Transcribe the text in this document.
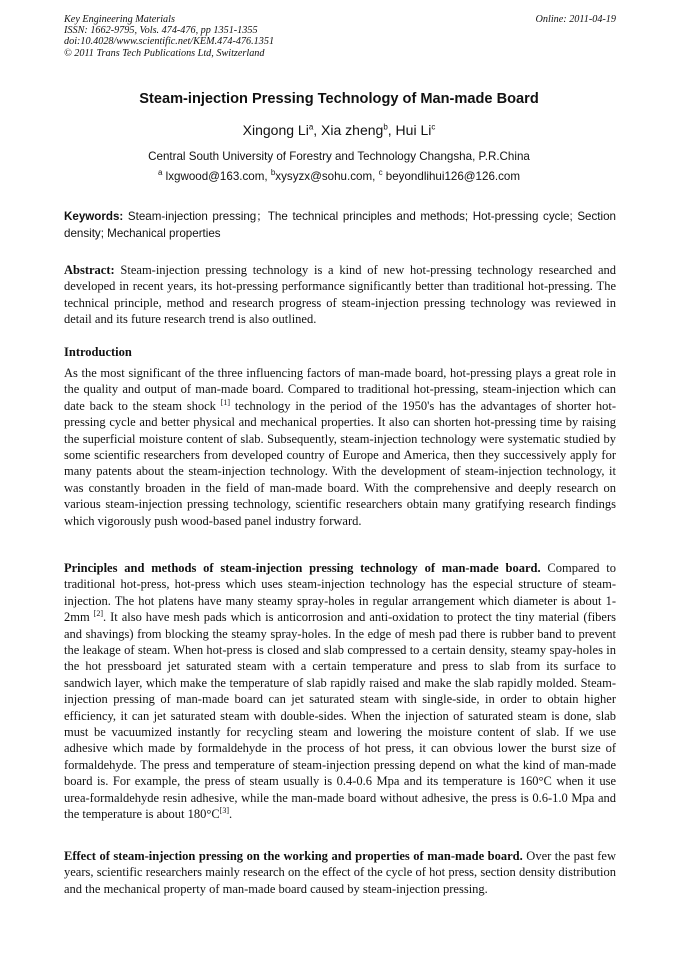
Key Engineering Materials
ISSN: 1662-9795, Vols. 474-476, pp 1351-1355
doi:10.4028/www.scientific.net/KEM.474-476.1351
© 2011 Trans Tech Publications Ltd, Switzerland
Online: 2011-04-19
Steam-injection Pressing Technology of Man-made Board
Xingong Li$^a$, Xia zheng$^b$, Hui Li$^c$
Central South University of Forestry and Technology Changsha, P.R.China
$^a$ lxgwood@163.com, $^b$xysyzx@sohu.com, $^c$ beyondlihui126@126.com
Keywords: Steam-injection pressing；The technical principles and methods; Hot-pressing cycle; Section density; Mechanical properties
Abstract: Steam-injection pressing technology is a kind of new hot-pressing technology researched and developed in recent years, its hot-pressing performance significantly better than traditional hot-pressing. The technical principle, method and research progress of steam-injection pressing technology was reviewed in detail and its future research trend is also outlined.
Introduction
As the most significant of the three influencing factors of man-made board, hot-pressing plays a great role in the quality and output of man-made board. Compared to traditional hot-pressing, steam-injection which can date back to the steam shock [1] technology in the period of the 1950's has the advantages of shorter hot-pressing cycle and better physical and mechanical properties. It also can shorten hot-pressing time by raising the superficial moisture content of slab. Subsequently, steam-injection technology were systematic studied by some scientific researchers from developed country of Europe and America, then they successively apply for many patents about the steam-injection technology. With the development of steam-injection technology, it was constantly broaden in the field of man-made board. With the comprehensive and deeply research on various steam-injection pressing technology, scientific researchers obtain many gratifying research findings which vigorously push wood-based panel industry forward.
Principles and methods of steam-injection pressing technology of man-made board. Compared to traditional hot-press, hot-press which uses steam-injection technology has the especial structure of steam-injection. The hot platens have many steamy spray-holes in regular arrangement which diameter is about 1-2mm [2]. It also have mesh pads which is anticorrosion and anti-oxidation to protect the tiny material (fibers and shavings) from blocking the steamy spray-holes. In the edge of mesh pad there is rubber band to prevent the leakage of steam. When hot-press is closed and slab compressed to a certain density, steamy spay-holes in the hot pressboard jet saturated steam with a certain temperature and press to slab from its surface to sandwich layer, which make the temperature of slab rapidly raised and make the slab rapidly molded. Steam-injection pressing of man-made board can jet saturated steam with single-side, in order to obtain higher efficiency, it can jet saturated steam with double-sides. When the injection of saturated steam is done, slab must be vacuumized instantly for recycling steam and lowering the moisture content of slab. If we use adhesive which made by formaldehyde in the process of hot press, it can obvious lower the burst size of formaldehyde. The press and temperature of steam-injection pressing depend on what the kind of man-made board is. For example, the press of steam usually is 0.4-0.6 Mpa and its temperature is 160°C when it use urea-formaldehyde resin adhesive, while the man-made board without adhesive, the press is 0.6-1.0 Mpa and the temperature is about 180°C[3].
Effect of steam-injection pressing on the working and properties of man-made board. Over the past few years, scientific researchers mainly research on the effect of the cycle of hot press, section density distribution and the mechanical property of man-made board caused by steam-injection pressing.
